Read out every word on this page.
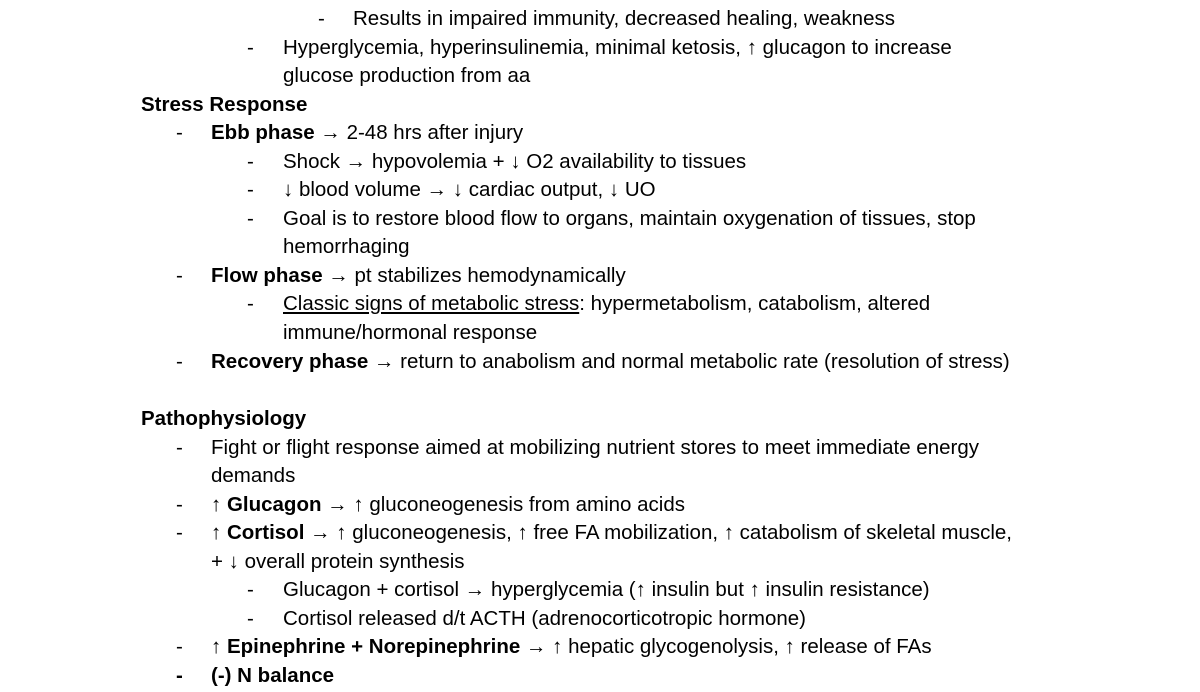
- Results in impaired immunity, decreased healing, weakness
- Hyperglycemia, hyperinsulinemia, minimal ketosis, ↑ glucagon to increase
glucose production from aa
Stress Response
- Ebb phase → 2-48 hrs after injury
- Shock → hypovolemia + ↓ O2 availability to tissues
- ↓ blood volume → ↓ cardiac output, ↓ UO
- Goal is to restore blood flow to organs, maintain oxygenation of tissues, stop
hemorrhaging
- Flow phase → pt stabilizes hemodynamically
- Classic signs of metabolic stress: hypermetabolism, catabolism, altered
immune/hormonal response
- Recovery phase → return to anabolism and normal metabolic rate (resolution of stress)
Pathophysiology
- Fight or flight response aimed at mobilizing nutrient stores to meet immediate energy
demands
- ↑ Glucagon → ↑ gluconeogenesis from amino acids
- ↑ Cortisol → ↑ gluconeogenesis, ↑ free FA mobilization, ↑ catabolism of skeletal muscle,
+ ↓ overall protein synthesis
- Glucagon + cortisol → hyperglycemia (↑ insulin but ↑ insulin resistance)
- Cortisol released d/t ACTH (adrenocorticotropic hormone)
- ↑ Epinephrine + Norepinephrine → ↑ hepatic glycogenolysis, ↑ release of FAs
- (-) N balance
